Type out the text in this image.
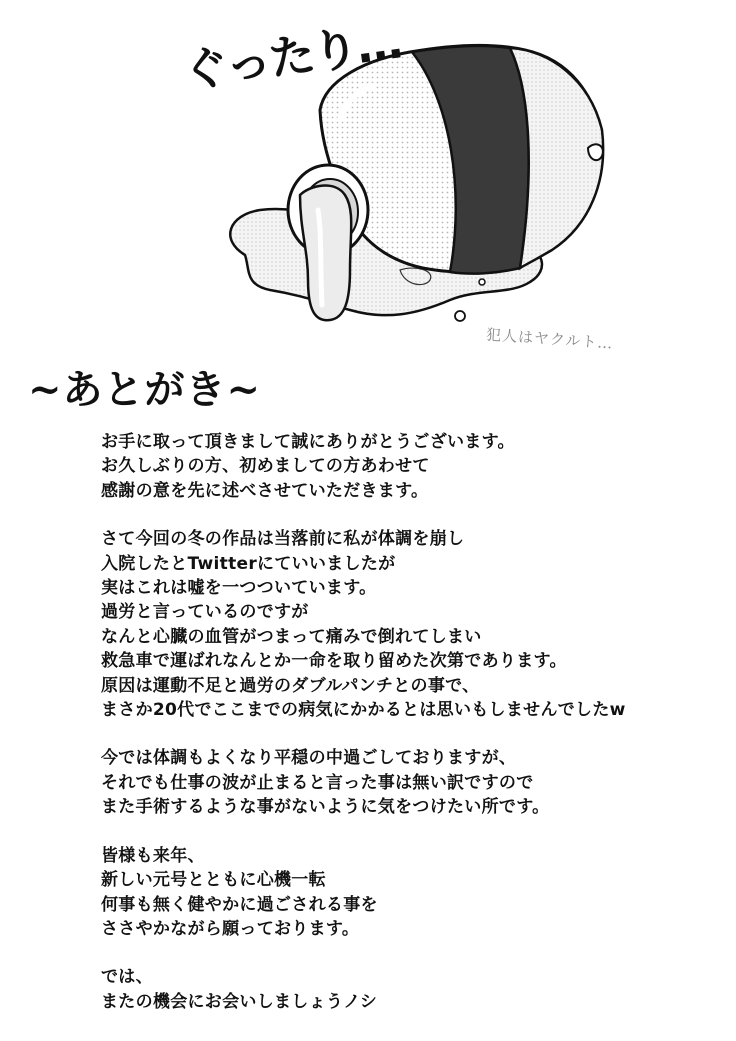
ぐったり…
犯人はヤクルト…
~あとがき~
お手に取って頂きまして誠にありがとうございます。
お久しぶりの方、初めましての方あわせて
感謝の意を先に述べさせていただきます。
さて今回の冬の作品は当落前に私が体調を崩し
入院したとTwitterにていいましたが
実はこれは嘘を一つついています。
過労と言っているのですが
なんと心臓の血管がつまって痛みで倒れてしまい
救急車で運ばれなんとか一命を取り留めた次第であります。
原因は運動不足と過労のダブルパンチとの事で、
まさか20代でここまでの病気にかかるとは思いもしませんでしたw
今では体調もよくなり平穏の中過ごしておりますが、
それでも仕事の波が止まると言った事は無い訳ですので
また手術するような事がないように気をつけたい所です。
皆様も来年、
新しい元号とともに心機一転
何事も無く健やかに過ごされる事を
ささやかながら願っております。
では、
またの機会にお会いしましょうノシ
